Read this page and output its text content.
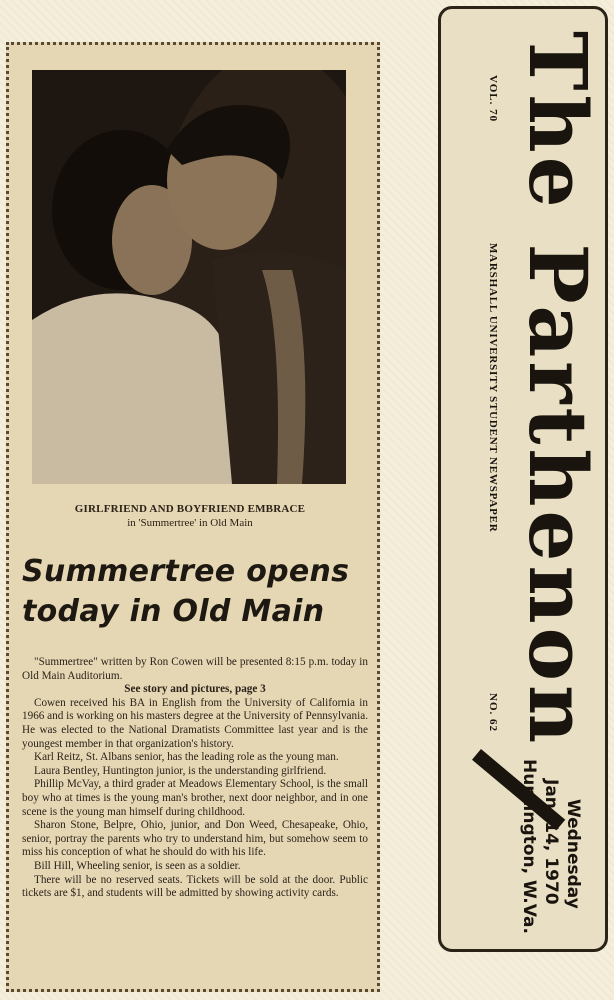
GIRLFRIEND AND BOYFRIEND EMBRACE
in 'Summertree' in Old Main
Summertree opens
today in Old Main

"Summertree" written by Ron Cowen will be presented 8:15 p.m. today in Old Main Auditorium.

See story and pictures, page 3

Cowen received his BA in English from the University of California in 1966 and is working on his masters degree at the University of Pennsylvania. He was elected to the National Dramatists Committee last year and is the youngest member in that organization's history.

Karl Reitz, St. Albans senior, has the leading role as the young man.

Laura Bentley, Huntington junior, is the understanding girlfriend.

Phillip McVay, a third grader at Meadows Elementary School, is the small boy who at times is the young man's brother, next door neighbor, and in one scene is the young man himself during childhood.

Sharon Stone, Belpre, Ohio, junior, and Don Weed, Chesapeake, Ohio, senior, portray the parents who try to understand him, but somehow seem to miss his conception of what he should do with his life.

Bill Hill, Wheeling senior, is seen as a soldier.

There will be no reserved seats. Tickets will be sold at the door. Public tickets are $1, and students will be admitted by showing activity cards.

VOL. 70
MARSHALL UNIVERSITY STUDENT NEWSPAPER The Parthenon
NO. 62
Wednesday
Jan. 14, 1970
Huntington, W.Va.
